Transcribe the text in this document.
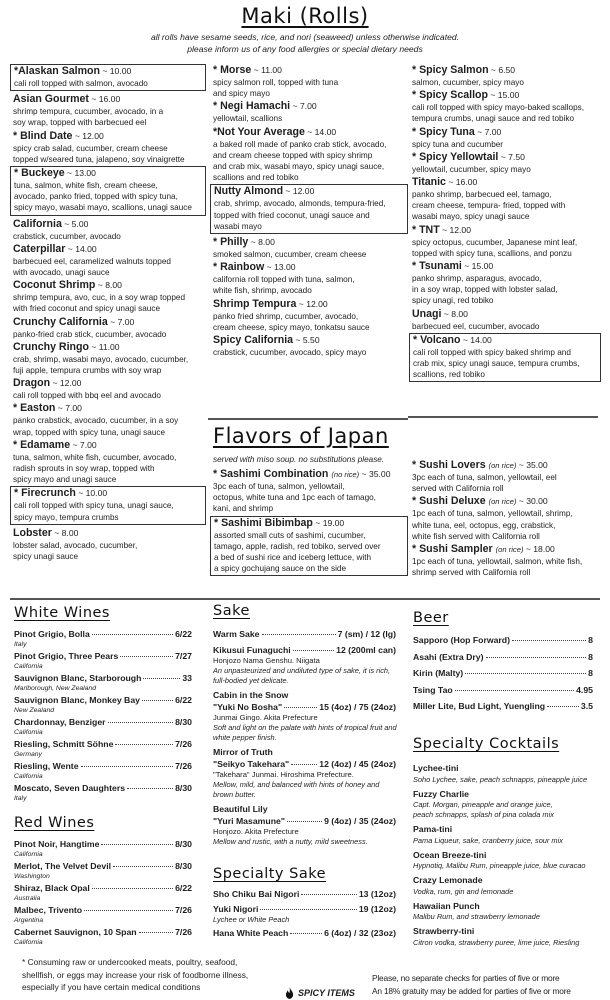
Maki (Rolls)
all rolls have sesame seeds, rice, and nori (seaweed) unless otherwise indicated.
please inform us of any food allergies or special dietary needs
*Alaskan Salmon ~ 10.00
cali roll topped with salmon, avocado
Asian Gourmet ~ 16.00
shrimp tempura, cucumber, avocado, in a
soy wrap, topped with barbecued eel
* Blind Date ~ 12.00
spicy crab salad, cucumber, cream cheese
topped w/seared tuna, jalapeno, soy vinaigrette
* Buckeye ~ 13.00
tuna, salmon, white fish, cream cheese,
avocado, panko fried, topped with spicy tuna,
spicy mayo, wasabi mayo, scallions, unagi sauce
California ~ 5.00
crabstick, cucumber, avocado
Caterpillar ~ 14.00
barbecued eel, caramelized walnuts topped
with avocado, unagi sauce
Coconut Shrimp ~ 8.00
shrimp tempura, avo, cuc, in a soy wrap topped
with fried coconut and spicy unagi sauce
Crunchy California ~ 7.00
panko-fried crab stick, cucumber, avocado
Crunchy Ringo ~ 11.00
crab, shrimp, wasabi mayo, avocado, cucumber,
fuji apple, tempura crumbs with soy wrap
Dragon ~ 12.00
cali roll topped with bbq eel and avocado
* Easton ~ 7.00
panko crabstick, avocado, cucumber, in a soy
wrap, topped with spicy tuna, unagi sauce
* Edamame ~ 7.00
tuna, salmon, white fish, cucumber, avocado,
radish sprouts in soy wrap, topped with
spicy mayo and unagi sauce
* Firecrunch ~ 10.00
cali roll topped with spicy tuna, unagi sauce,
spicy mayo, tempura crumbs
Lobster ~ 8.00
lobster salad, avocado, cucumber,
spicy unagi sauce
* Morse ~ 11.00
spicy salmon roll, topped with tuna
and spicy mayo
* Negi Hamachi ~ 7.00
yellowtail, scallions
*Not Your Average ~ 14.00
a baked roll made of panko crab stick, avocado,
and cream cheese topped with spicy shrimp
and crab mix, wasabi mayo, spicy unagi sauce,
scallions and red tobiko
Nutty Almond ~ 12.00
crab, shrimp, avocado, almonds, tempura-fried,
topped with fried coconut, unagi sauce and
wasabi mayo
* Philly ~ 8.00
smoked salmon, cucumber, cream cheese
* Rainbow ~ 13.00
california roll topped with tuna, salmon,
white fish, shrimp, avocado
Shrimp Tempura ~ 12.00
panko fried shrimp, cucumber, avocado,
cream cheese, spicy mayo, tonkatsu sauce
Spicy California ~ 5.50
crabstick, cucumber, avocado, spicy mayo
* Spicy Salmon ~ 6.50
salmon, cucumber, spicy mayo
* Spicy Scallop ~ 15.00
cali roll topped with spicy mayo-baked scallops,
tempura crumbs, unagi sauce and red tobiko
* Spicy Tuna ~ 7.00
spicy tuna and cucumber
* Spicy Yellowtail ~ 7.50
yellowtail, cucumber, spicy mayo
Titanic ~ 16.00
panko shrimp, barbecued eel, tamago,
cream cheese, tempura- fried, topped with
wasabi mayo, spicy unagi sauce
* TNT ~ 12.00
spicy octopus, cucumber, Japanese mint leaf,
topped with spicy tuna, scallions, and ponzu
* Tsunami ~ 15.00
panko shrimp, asparagus, avocado,
in a soy wrap, topped with lobster salad,
spicy unagi, red tobiko
Unagi ~ 8.00
barbecued eel, cucumber, avocado
* Volcano ~ 14.00
cali roll topped with spicy baked shrimp and
crab mix, spicy unagi sauce, tempura crumbs,
scallions, red tobiko
Flavors of Japan
served with miso soup. no substitutions please.
* Sashimi Combination (no rice) ~ 35.00
3pc each of tuna, salmon, yellowtail,
octopus, white tuna and 1pc each of tamago,
kani, and shrimp
* Sashimi Bibimbap ~ 19.00
assorted small cuts of sashimi, cucumber,
tamago, apple, radish, red tobiko, served over
a bed of sushi rice and iceberg lettuce, with
a spicy gochujang sauce on the side
* Sushi Lovers (on rice) ~ 35.00
3pc each of tuna, salmon, yellowtail, eel
served with California roll
* Sushi Deluxe (on rice) ~ 30.00
1pc each of tuna, salmon, yellowtail, shrimp,
white tuna, eel, octopus, egg, crabstick,
white fish served with California roll
* Sushi Sampler (on rice) ~ 18.00
1pc each of tuna, yellowtail, salmon, white fish,
shrimp served with California roll
White Wines
Pinot Grigio, Bolla	6/22
Italy
Pinot Grigio, Three Pears	7/27
California
Sauvignon Blanc, Starborough	33
Marlborough, New Zealand
Sauvignon Blanc, Monkey Bay	6/22
New Zealand
Chardonnay, Benziger	8/30
California
Riesling, Schmitt Söhne	7/26
Germany
Riesling, Wente	7/26
California
Moscato, Seven Daughters	8/30
Italy
Red Wines
Pinot Noir, Hangtime	8/30
California
Merlot, The Velvet Devil	8/30
Washington
Shiraz, Black Opal	6/22
Australia
Malbec, Trivento	7/26
Argentina
Cabernet Sauvignon, 10 Span	7/26
California
Sake
Warm Sake	7 (sm) / 12 (lg)
Kikusui Funaguchi	12 (200ml can)
Honjozo Nama Genshu. Niigata
An unpasteurized and undiluted type of sake, it is rich,
full-bodied yet delicate.
Cabin in the Snow
"Yuki No Bosha"	15 (4oz) / 75 (24oz)
Junmai Gingo. Akita Prefecture
Soft and light on the palate with hints of tropical fruit and
white pepper finish.
Mirror of Truth
"Seikyo Takehara"	12 (4oz) / 45 (24oz)
"Takehara" Junmai. Hiroshima Prefecture.
Mellow, mild, and balanced with hints of honey and
brown butter.
Beautiful Lily
"Yuri Masamune"	9 (4oz) / 35 (24oz)
Honjozo. Akita Prefecture
Mellow and rustic, with a nutty, mild sweetness.
Specialty Sake
Sho Chiku Bai Nigori	13 (12oz)
Yuki Nigori	19 (12oz)
Lychee or White Peach
Hana White Peach	6 (4oz) / 32 (23oz)
Beer
Sapporo (Hop Forward)	8
Asahi (Extra Dry)	8
Kirin (Malty)	8
Tsing Tao	4.95
Miller Lite, Bud Light, Yuengling	3.5
Specialty Cocktails
Lychee-tini
Soho Lychee, sake, peach schnapps, pineapple juice
Fuzzy Charlie
Capt. Morgan, pineapple and orange juice,
peach schnapps, splash of pina colada mix
Pama-tini
Pama Liqueur, sake, cranberry juice, sour mix
Ocean Breeze-tini
Hypnotiq, Malibu Rum, pineapple juice, blue curacao
Crazy Lemonade
Vodka, rum, gin and lemonade
Hawaiian Punch
Malibu Rum, and strawberry lemonade
Strawberry-tini
Citron vodka, strawberry puree, lime juice, Riesling
* Consuming raw or undercooked meats, poultry, seafood,
shellfish, or eggs may increase your risk of foodborne illness,
especially if you have certain medical conditions
SPICY ITEMS
Please, no separate checks for parties of five or more
An 18% gratuity may be added for parties of five or more
